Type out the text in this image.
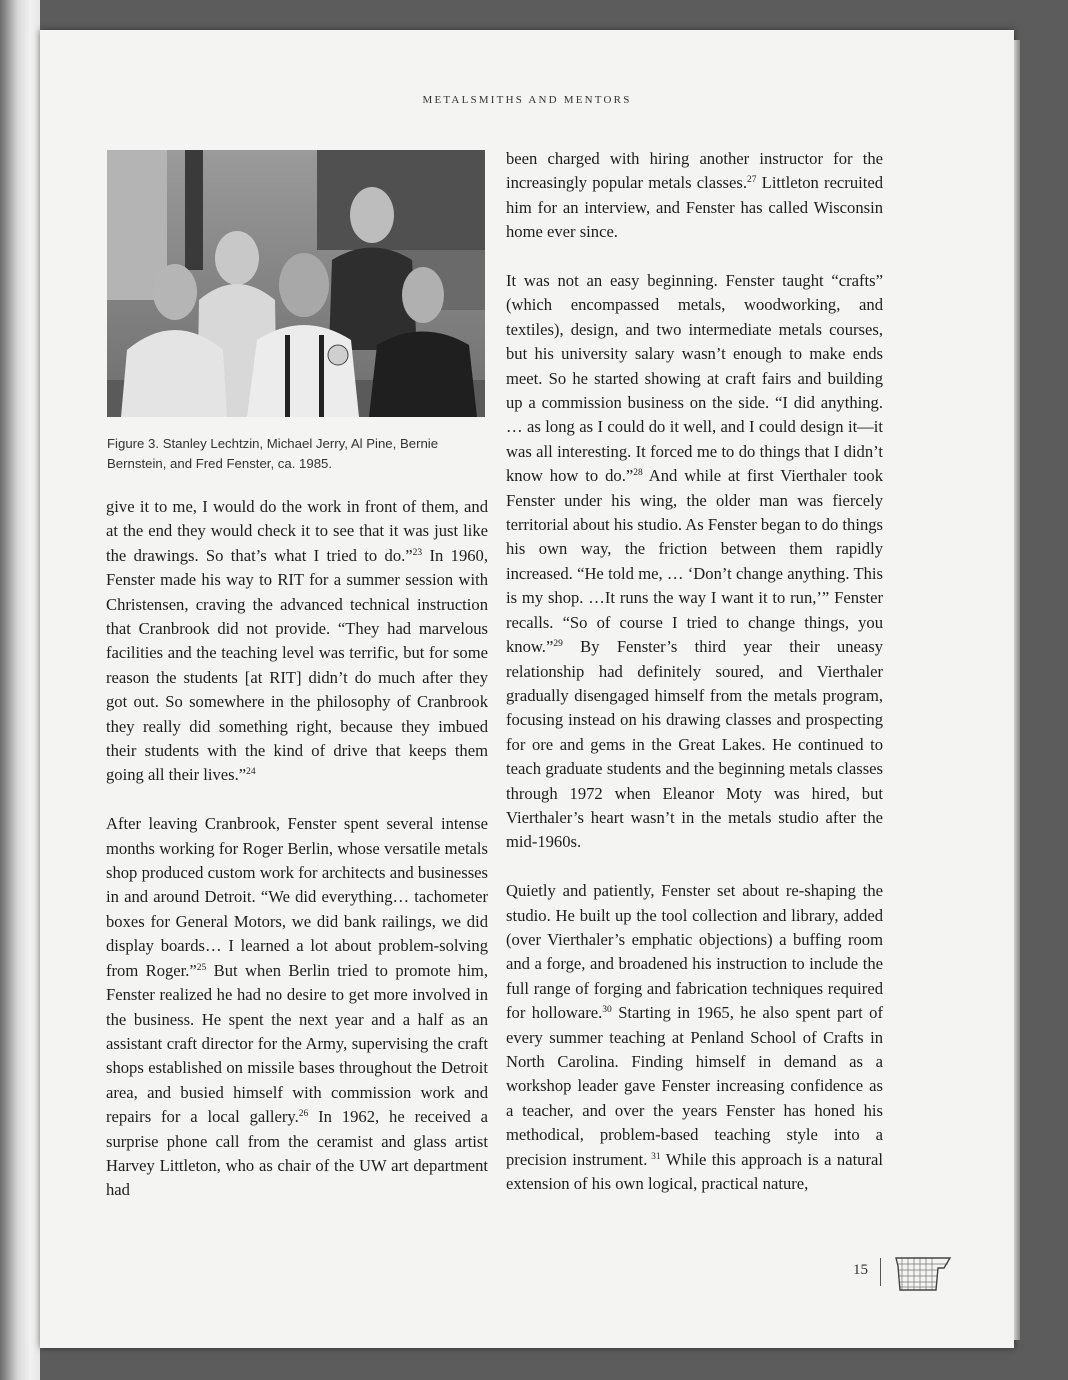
METALSMITHS AND MENTORS
Figure 3. Stanley Lechtzin, Michael Jerry, Al Pine, Bernie Bernstein, and Fred Fenster, ca. 1985.

give it to me, I would do the work in front of them, and at the end they would check it to see that it was just like the drawings. So that’s what I tried to do.”$^{23}$ In 1960, Fenster made his way to RIT for a summer session with Christensen, craving the advanced technical instruction that Cranbrook did not provide. “They had marvelous facilities and the teaching level was terrific, but for some reason the students [at RIT] didn’t do much after they got out. So somewhere in the philosophy of Cranbrook they really did something right, because they imbued their students with the kind of drive that keeps them going all their lives.”$^{24}$

After leaving Cranbrook, Fenster spent several intense months working for Roger Berlin, whose versatile metals shop produced custom work for architects and businesses in and around Detroit. “We did everything… tachometer boxes for General Motors, we did bank railings, we did display boards… I learned a lot about problem-solving from Roger.”$^{25}$ But when Berlin tried to promote him, Fenster realized he had no desire to get more involved in the business. He spent the next year and a half as an assistant craft director for the Army, supervising the craft shops established on missile bases throughout the Detroit area, and busied himself with commission work and repairs for a local gallery.$^{26}$ In 1962, he received a surprise phone call from the ceramist and glass artist Harvey Littleton, who as chair of the UW art department had

been charged with hiring another instructor for the increasingly popular metals classes.$^{27}$ Littleton recruited him for an interview, and Fenster has called Wisconsin home ever since.

It was not an easy beginning. Fenster taught “crafts” (which encompassed metals, woodworking, and textiles), design, and two intermediate metals courses, but his university salary wasn’t enough to make ends meet. So he started showing at craft fairs and building up a commission business on the side. “I did anything. … as long as I could do it well, and I could design it—it was all interesting. It forced me to do things that I didn’t know how to do.”$^{28}$ And while at first Vierthaler took Fenster under his wing, the older man was fiercely territorial about his studio. As Fenster began to do things his own way, the friction between them rapidly increased. “He told me, … ‘Don’t change anything. This is my shop. …It runs the way I want it to run,’” Fenster recalls. “So of course I tried to change things, you know.”$^{29}$ By Fenster’s third year their uneasy relationship had definitely soured, and Vierthaler gradually disengaged himself from the metals program, focusing instead on his drawing classes and prospecting for ore and gems in the Great Lakes. He continued to teach graduate students and the beginning metals classes through 1972 when Eleanor Moty was hired, but Vierthaler’s heart wasn’t in the metals studio after the mid-1960s.

Quietly and patiently, Fenster set about re-shaping the studio. He built up the tool collection and library, added (over Vierthaler’s emphatic objections) a buffing room and a forge, and broadened his instruction to include the full range of forging and fabrication techniques required for holloware.$^{30}$ Starting in 1965, he also spent part of every summer teaching at Penland School of Crafts in North Carolina. Finding himself in demand as a workshop leader gave Fenster increasing confidence as a teacher, and over the years Fenster has honed his methodical, problem-based teaching style into a precision instrument. $^{31}$ While this approach is a natural extension of his own logical, practical nature,

15
